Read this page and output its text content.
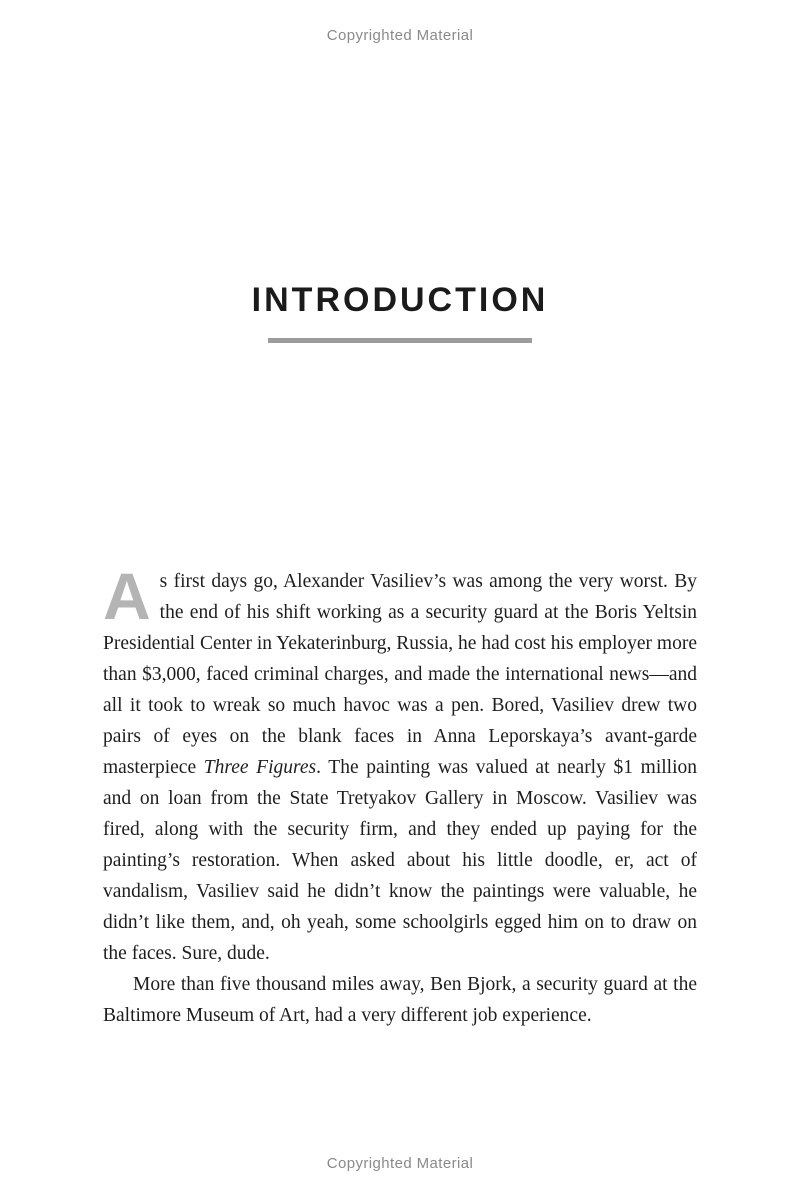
Copyrighted Material
INTRODUCTION

As first days go, Alexander Vasiliev’s was among the very worst. By the end of his shift working as a security guard at the Boris Yeltsin Presidential Center in Yekaterinburg, Russia, he had cost his employer more than $3,000, faced criminal charges, and made the international news—and all it took to wreak so much havoc was a pen. Bored, Vasiliev drew two pairs of eyes on the blank faces in Anna Leporskaya’s avant-garde masterpiece Three Figures. The painting was valued at nearly $1 million and on loan from the State Tretyakov Gallery in Moscow. Vasiliev was fired, along with the security firm, and they ended up paying for the painting’s restoration. When asked about his little doodle, er, act of vandalism, Vasiliev said he didn’t know the paintings were valuable, he didn’t like them, and, oh yeah, some schoolgirls egged him on to draw on the faces. Sure, dude.

More than five thousand miles away, Ben Bjork, a security guard at the Baltimore Museum of Art, had a very different job experience.

Copyrighted Material
